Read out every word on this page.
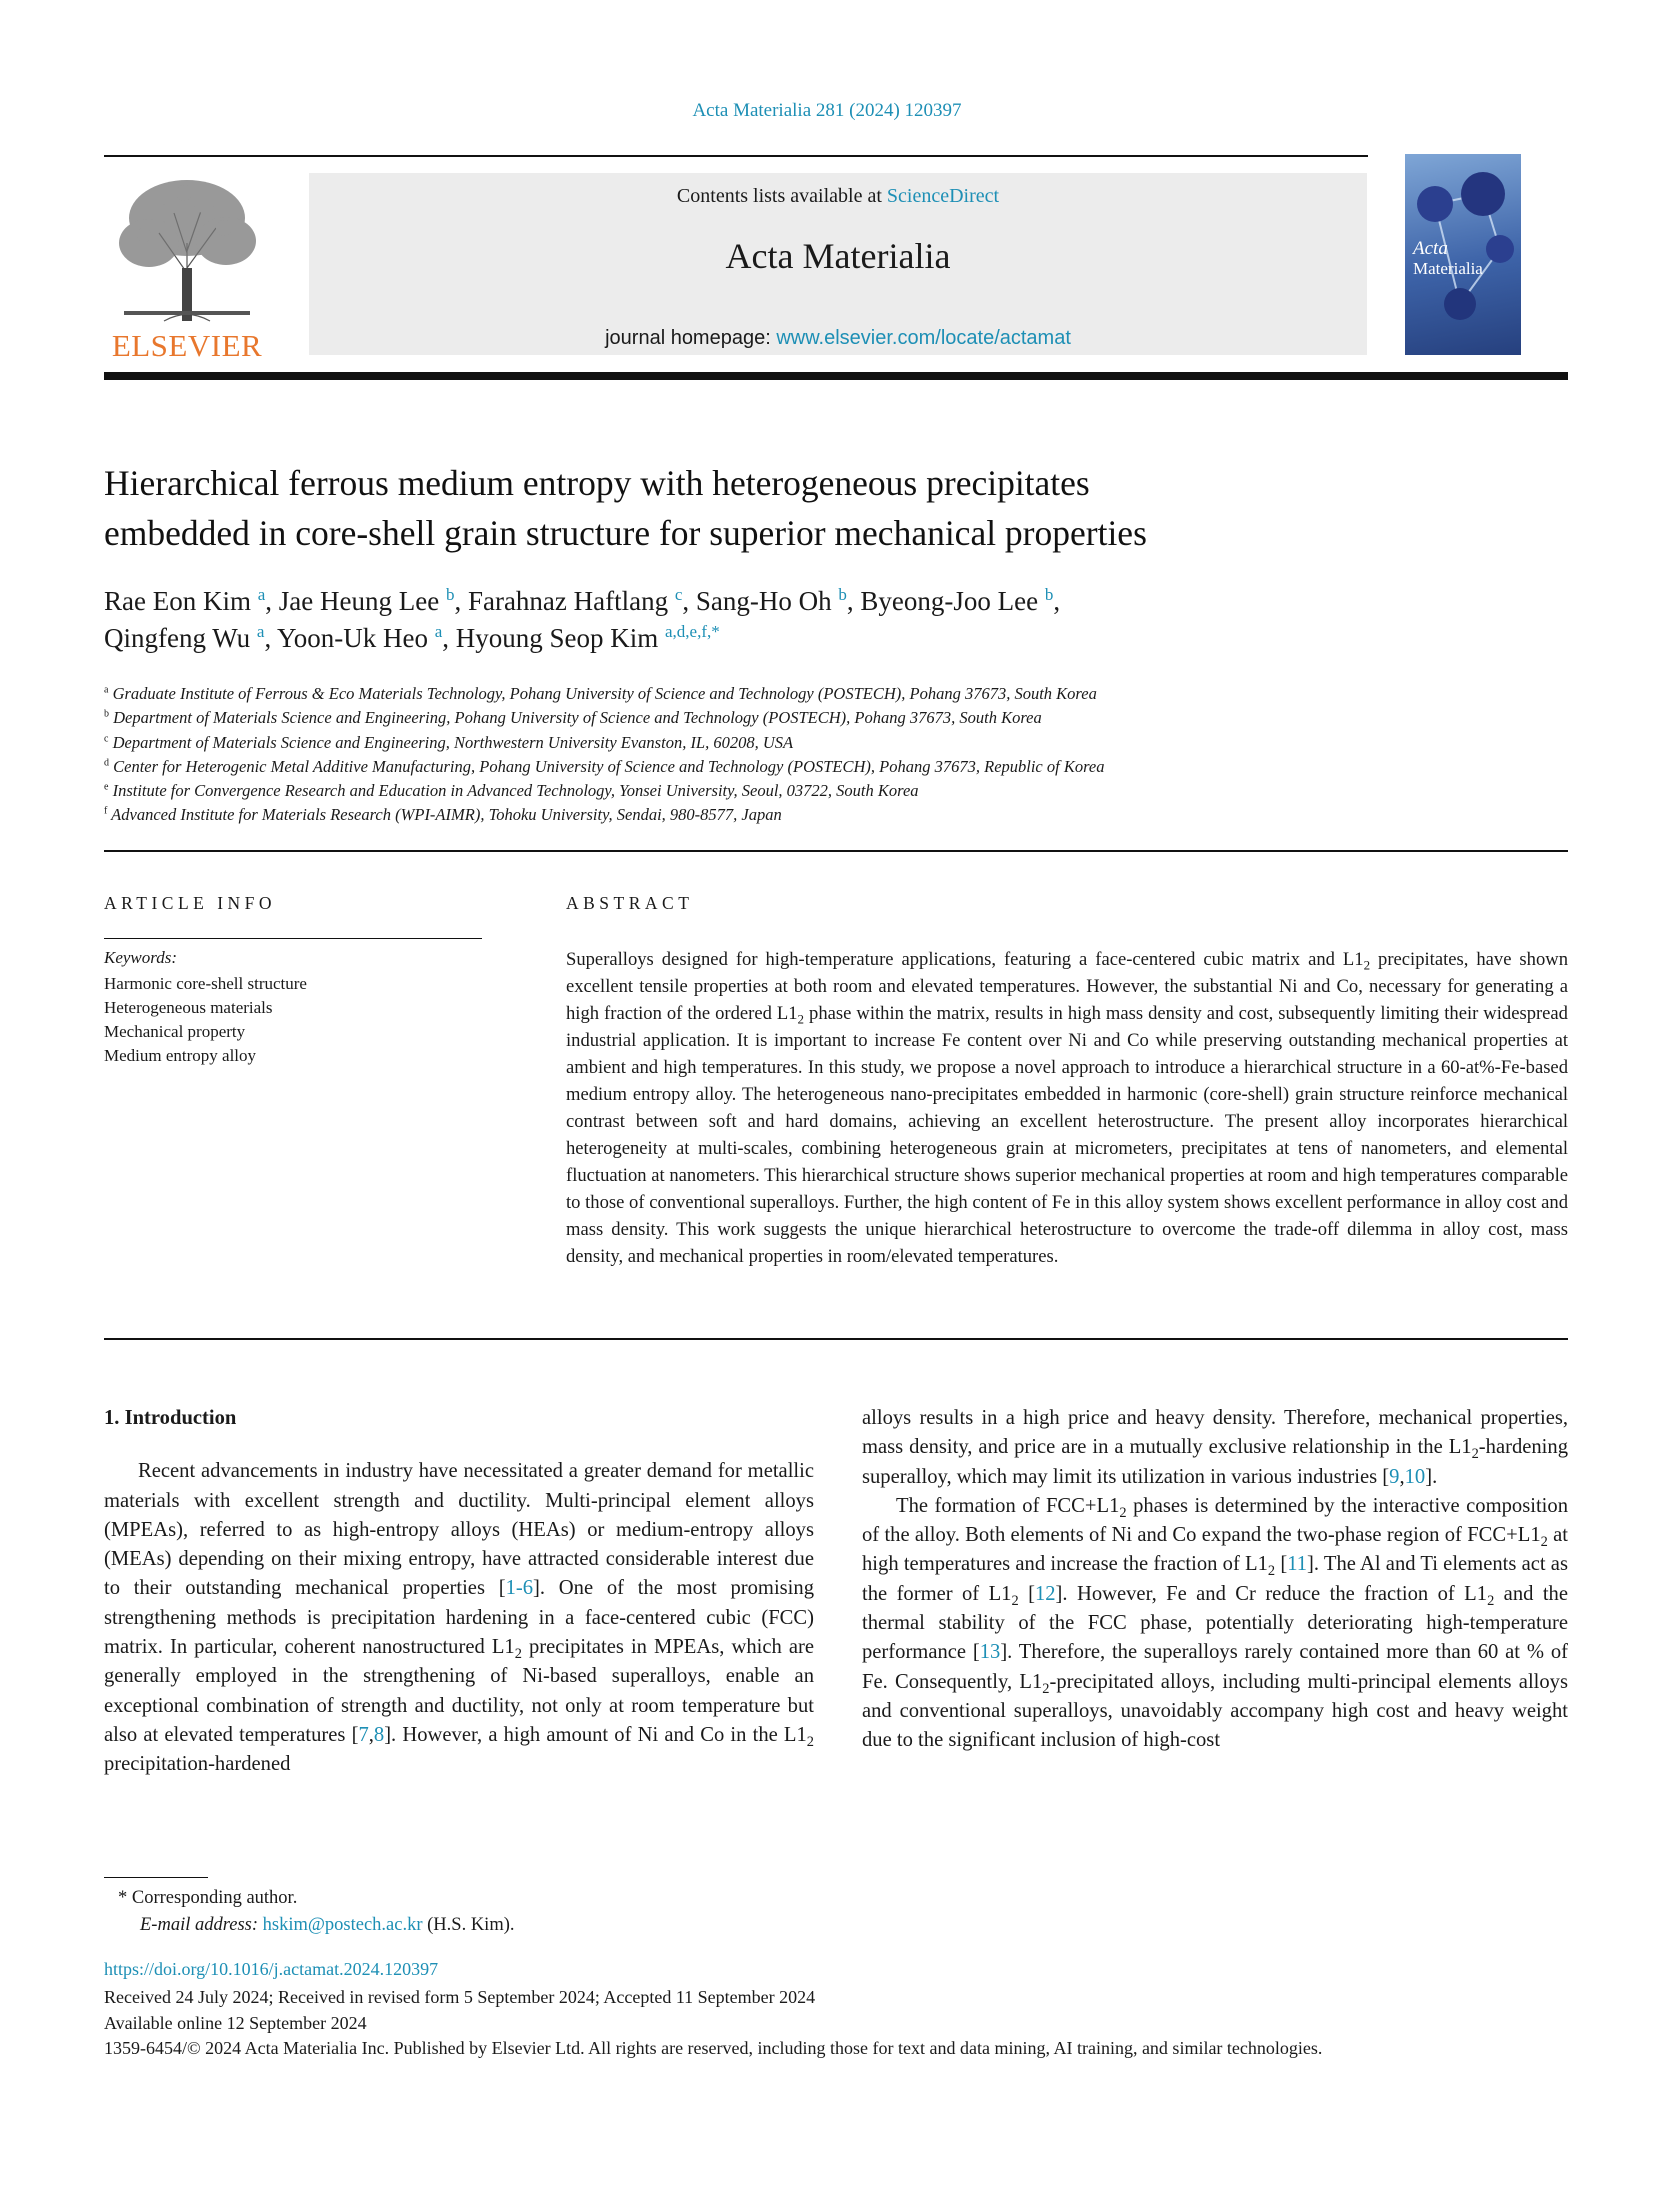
Acta Materialia 281 (2024) 120397
ELSEVIER
Contents lists available at ScienceDirect
Acta Materialia
journal homepage: www.elsevier.com/locate/actamat
Acta
Materialia
Hierarchical ferrous medium entropy with heterogeneous precipitates
embedded in core-shell grain structure for superior mechanical properties
Rae Eon Kim $^a$, Jae Heung Lee $^b$, Farahnaz Haftlang $^c$, Sang-Ho Oh $^b$, Byeong-Joo Lee $^b$,
Qingfeng Wu $^a$, Yoon-Uk Heo $^a$, Hyoung Seop Kim $^{a,d,e,f,*}$
$^a$ Graduate Institute of Ferrous & Eco Materials Technology, Pohang University of Science and Technology (POSTECH), Pohang 37673, South Korea
$^b$ Department of Materials Science and Engineering, Pohang University of Science and Technology (POSTECH), Pohang 37673, South Korea
$^c$ Department of Materials Science and Engineering, Northwestern University Evanston, IL, 60208, USA
$^d$ Center for Heterogenic Metal Additive Manufacturing, Pohang University of Science and Technology (POSTECH), Pohang 37673, Republic of Korea
$^e$ Institute for Convergence Research and Education in Advanced Technology, Yonsei University, Seoul, 03722, South Korea
$^f$ Advanced Institute for Materials Research (WPI-AIMR), Tohoku University, Sendai, 980-8577, Japan
ARTICLE INFO
Keywords:
Harmonic core-shell structure
Heterogeneous materials
Mechanical property
Medium entropy alloy
ABSTRACT
Superalloys designed for high-temperature applications, featuring a face-centered cubic matrix and $L1_2$ precipitates, have shown excellent tensile properties at both room and elevated temperatures. However, the substantial Ni and Co, necessary for generating a high fraction of the ordered $L1_2$ phase within the matrix, results in high mass density and cost, subsequently limiting their widespread industrial application. It is important to increase Fe content over Ni and Co while preserving outstanding mechanical properties at ambient and high temperatures. In this study, we propose a novel approach to introduce a hierarchical structure in a 60-at%-Fe-based medium entropy alloy. The heterogeneous nano-precipitates embedded in harmonic (core-shell) grain structure reinforce mechanical contrast between soft and hard domains, achieving an excellent heterostructure. The present alloy incorporates hierarchical heterogeneity at multi-scales, combining heterogeneous grain at micrometers, precipitates at tens of nanometers, and elemental fluctuation at nanometers. This hierarchical structure shows superior mechanical properties at room and high temperatures comparable to those of conventional superalloys. Further, the high content of Fe in this alloy system shows excellent performance in alloy cost and mass density. This work suggests the unique hierarchical heterostructure to overcome the trade-off dilemma in alloy cost, mass density, and mechanical properties in room/elevated temperatures.
1. Introduction

Recent advancements in industry have necessitated a greater demand for metallic materials with excellent strength and ductility. Multi-principal element alloys (MPEAs), referred to as high-entropy alloys (HEAs) or medium-entropy alloys (MEAs) depending on their mixing entropy, have attracted considerable interest due to their outstanding mechanical properties [1-6]. One of the most promising strengthening methods is precipitation hardening in a face-centered cubic (FCC) matrix. In particular, coherent nanostructured $L1_2$ precipitates in MPEAs, which are generally employed in the strengthening of Ni-based superalloys, enable an exceptional combination of strength and ductility, not only at room temperature but also at elevated temperatures [7,8]. However, a high amount of Ni and Co in the $L1_2$ precipitation-hardened

alloys results in a high price and heavy density. Therefore, mechanical properties, mass density, and price are in a mutually exclusive relationship in the $L1_2$-hardening superalloy, which may limit its utilization in various industries [9,10].

The formation of $FCC+L1_2$ phases is determined by the interactive composition of the alloy. Both elements of Ni and Co expand the two-phase region of $FCC+L1_2$ at high temperatures and increase the fraction of $L1_2$ [11]. The Al and Ti elements act as the former of $L1_2$ [12]. However, Fe and Cr reduce the fraction of $L1_2$ and the thermal stability of the FCC phase, potentially deteriorating high-temperature performance [13]. Therefore, the superalloys rarely contained more than 60 at % of Fe. Consequently, $L1_2$-precipitated alloys, including multi-principal elements alloys and conventional superalloys, unavoidably accompany high cost and heavy weight due to the significant inclusion of high-cost

* Corresponding author.
E-mail address: hskim@postech.ac.kr (H.S. Kim).
https://doi.org/10.1016/j.actamat.2024.120397
Received 24 July 2024; Received in revised form 5 September 2024; Accepted 11 September 2024
Available online 12 September 2024
1359-6454/© 2024 Acta Materialia Inc. Published by Elsevier Ltd. All rights are reserved, including those for text and data mining, AI training, and similar technologies.
